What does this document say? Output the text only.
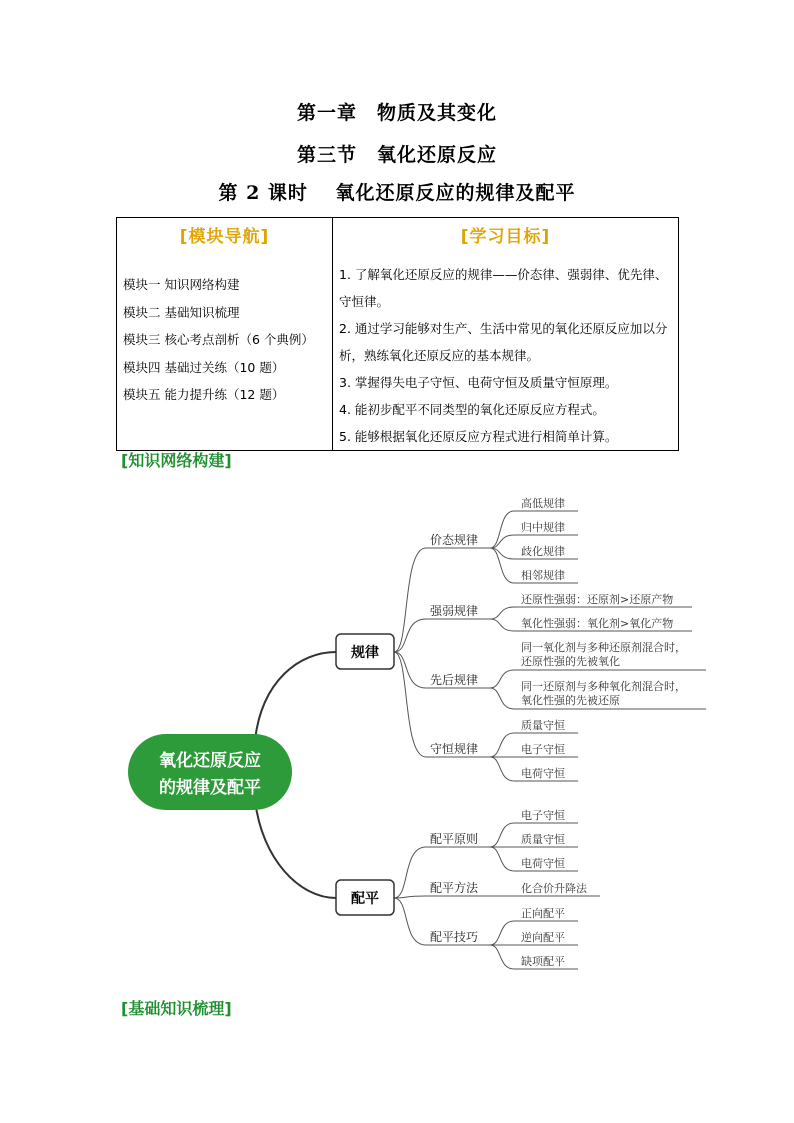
第一章　物质及其变化
第三节　氧化还原反应
第 2 课时　 氧化还原反应的规律及配平
[模块导航]
模块一 知识网络构建
模块二 基础知识梳理
模块三 核心考点剖析（6 个典例）
模块四 基础过关练（10 题）
模块五 能力提升练（12 题）

[学习目标]
1. 了解氧化还原反应的规律——价态律、强弱律、优先律、守恒律。
2. 通过学习能够对生产、生活中常见的氧化还原反应加以分析，熟练氧化还原反应的基本规律。
3. 掌握得失电子守恒、电荷守恒及质量守恒原理。
4. 能初步配平不同类型的氧化还原反应方程式。
5. 能够根据氧化还原反应方程式进行相简单计算。
[知识网络构建]
氧化还原反应
的规律及配平
规律
配平
价态规律
强弱规律
先后规律
守恒规律
配平原则
配平方法
配平技巧
高低规律
归中规律
歧化规律
相邻规律
还原性强弱：还原剂>还原产物
氧化性强弱：氧化剂>氧化产物
同一氧化剂与多种还原剂混合时，
还原性强的先被氧化
同一还原剂与多种氧化剂混合时，
氧化性强的先被还原
质量守恒
电子守恒
电荷守恒
电子守恒
质量守恒
电荷守恒
化合价升降法
正向配平
逆向配平
缺项配平
[基础知识梳理]
